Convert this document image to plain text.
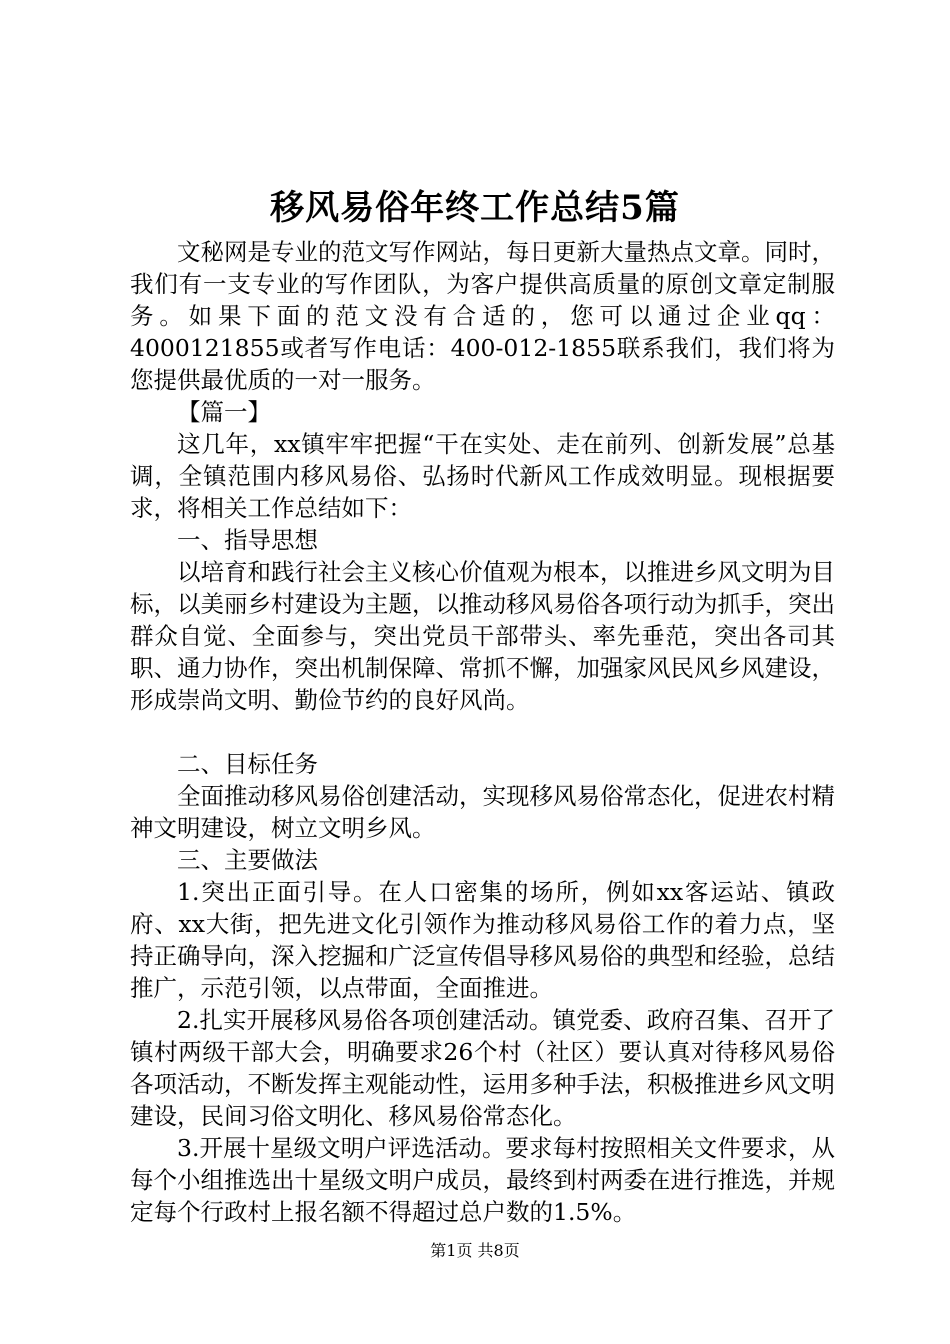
移风易俗年终工作总结5篇

文秘网是专业的范文写作网站，每日更新大量热点文章。同时，我们有一支专业的写作团队，为客户提供高质量的原创文章定制服务。如果下面的范文没有合适的，您可以通过企业qq：4000121855或者写作电话：400-012-1855联系我们，我们将为您提供最优质的一对一服务。

【篇一】

这几年，xx镇牢牢把握“干在实处、走在前列、创新发展”总基调，全镇范围内移风易俗、弘扬时代新风工作成效明显。现根据要求，将相关工作总结如下：

一、指导思想

以培育和践行社会主义核心价值观为根本，以推进乡风文明为目标，以美丽乡村建设为主题，以推动移风易俗各项行动为抓手，突出群众自觉、全面参与，突出党员干部带头、率先垂范，突出各司其职、通力协作，突出机制保障、常抓不懈，加强家风民风乡风建设，形成崇尚文明、勤俭节约的良好风尚。

二、目标任务

全面推动移风易俗创建活动，实现移风易俗常态化，促进农村精神文明建设，树立文明乡风。

三、主要做法

1.突出正面引导。在人口密集的场所，例如xx客运站、镇政府、xx大街，把先进文化引领作为推动移风易俗工作的着力点，坚持正确导向，深入挖掘和广泛宣传倡导移风易俗的典型和经验，总结推广，示范引领，以点带面，全面推进。

2.扎实开展移风易俗各项创建活动。镇党委、政府召集、召开了镇村两级干部大会，明确要求26个村（社区）要认真对待移风易俗各项活动，不断发挥主观能动性，运用多种手法，积极推进乡风文明建设，民间习俗文明化、移风易俗常态化。

3.开展十星级文明户评选活动。要求每村按照相关文件要求，从每个小组推选出十星级文明户成员，最终到村两委在进行推选，并规定每个行政村上报名额不得超过总户数的1.5%。

第1页 共8页
